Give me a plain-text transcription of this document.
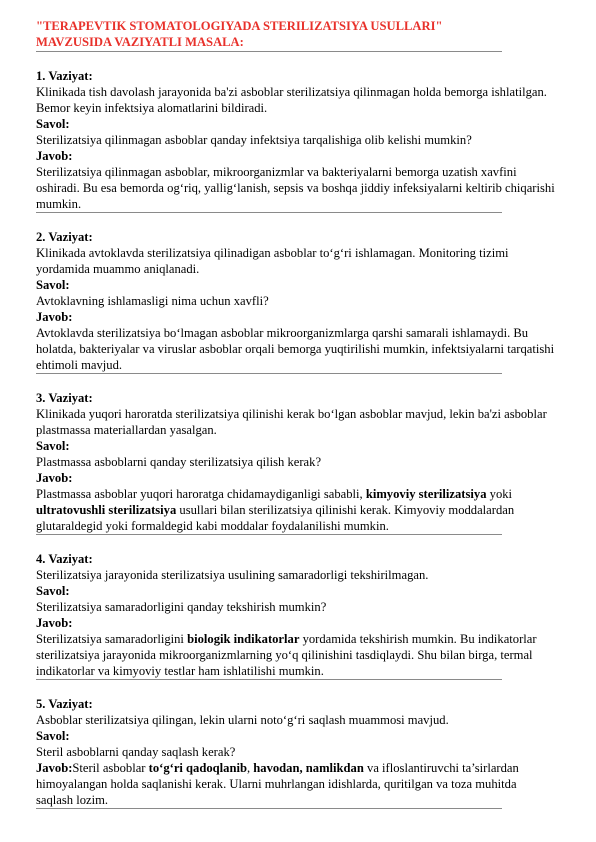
"TERAPEVTIK STOMATOLOGIYADA STERILIZATSIYA USULLARI"
MAVZUSIDA VAZIYATLI MASALA:

1. Vaziyat:

Klinikada tish davolash jarayonida ba'zi asboblar sterilizatsiya qilinmagan holda bemorga ishlatilgan. Bemor keyin infektsiya alomatlarini bildiradi.

Savol:

Sterilizatsiya qilinmagan asboblar qanday infektsiya tarqalishiga olib kelishi mumkin?

Javob:

Sterilizatsiya qilinmagan asboblar, mikroorganizmlar va bakteriyalarni bemorga uzatish xavfini oshiradi. Bu esa bemorda og‘riq, yallig‘lanish, sepsis va boshqa jiddiy infeksiyalarni keltirib chiqarishi mumkin.

2. Vaziyat:

Klinikada avtoklavda sterilizatsiya qilinadigan asboblar to‘g‘ri ishlamagan. Monitoring tizimi yordamida muammo aniqlanadi.

Savol:

Avtoklavning ishlamasligi nima uchun xavfli?

Javob:

Avtoklavda sterilizatsiya bo‘lmagan asboblar mikroorganizmlarga qarshi samarali ishlamaydi. Bu holatda, bakteriyalar va viruslar asboblar orqali bemorga yuqtirilishi mumkin, infektsiyalarni tarqatishi ehtimoli mavjud.

3. Vaziyat:

Klinikada yuqori haroratda sterilizatsiya qilinishi kerak bo‘lgan asboblar mavjud, lekin ba'zi asboblar plastmassa materiallardan yasalgan.

Savol:

Plastmassa asboblarni qanday sterilizatsiya qilish kerak?

Javob:

Plastmassa asboblar yuqori haroratga chidamaydiganligi sababli, kimyoviy sterilizatsiya yoki ultratovushli sterilizatsiya usullari bilan sterilizatsiya qilinishi kerak. Kimyoviy moddalardan glutaraldegid yoki formaldegid kabi moddalar foydalanilishi mumkin.

4. Vaziyat:

Sterilizatsiya jarayonida sterilizatsiya usulining samaradorligi tekshirilmagan.

Savol:

Sterilizatsiya samaradorligini qanday tekshirish mumkin?

Javob:

Sterilizatsiya samaradorligini biologik indikatorlar yordamida tekshirish mumkin. Bu indikatorlar sterilizatsiya jarayonida mikroorganizmlarning yo‘q qilinishini tasdiqlaydi. Shu bilan birga, termal indikatorlar va kimyoviy testlar ham ishlatilishi mumkin.

5. Vaziyat:

Asboblar sterilizatsiya qilingan, lekin ularni noto‘g‘ri saqlash muammosi mavjud.

Savol:

Steril asboblarni qanday saqlash kerak?

Javob:Steril asboblar to‘g‘ri qadoqlanib, havodan, namlikdan va ifloslantiruvchi ta’sirlardan himoyalangan holda saqlanishi kerak. Ularni muhrlangan idishlarda, quritilgan va toza muhitda saqlash lozim.
